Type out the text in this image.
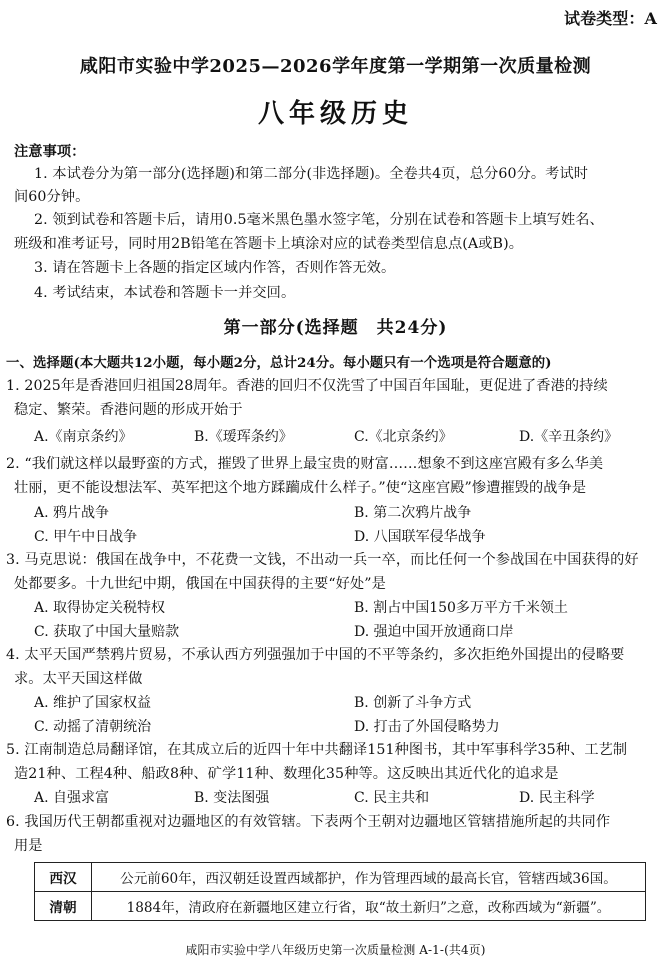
试卷类型：A
咸阳市实验中学2025—2026学年度第一学期第一次质量检测
八年级历史
注意事项：
1. 本试卷分为第一部分(选择题)和第二部分(非选择题)。全卷共4页，总分60分。考试时
间60分钟。
2. 领到试卷和答题卡后，请用0.5毫米黑色墨水签字笔，分别在试卷和答题卡上填写姓名、
班级和准考证号，同时用2B铅笔在答题卡上填涂对应的试卷类型信息点(A或B)。
3. 请在答题卡上各题的指定区域内作答，否则作答无效。
4. 考试结束，本试卷和答题卡一并交回。
第一部分(选择题　共24分)
一、选择题(本大题共12小题，每小题2分，总计24分。每小题只有一个选项是符合题意的)
1. 2025年是香港回归祖国28周年。香港的回归不仅洗雪了中国百年国耻，更促进了香港的持续
稳定、繁荣。香港问题的形成开始于
A.《南京条约》	B.《瑷珲条约》	C.《北京条约》	D.《辛丑条约》
2. “我们就这样以最野蛮的方式，摧毁了世界上最宝贵的财富……想象不到这座宫殿有多么华美
壮丽，更不能设想法军、英军把这个地方蹂躏成什么样子。”使“这座宫殿”惨遭摧毁的战争是
A. 鸦片战争	B. 第二次鸦片战争
C. 甲午中日战争	D. 八国联军侵华战争
3. 马克思说：俄国在战争中，不花费一文钱，不出动一兵一卒，而比任何一个参战国在中国获得的好
处都要多。十九世纪中期，俄国在中国获得的主要“好处”是
A. 取得协定关税特权	B. 割占中国150多万平方千米领土
C. 获取了中国大量赔款	D. 强迫中国开放通商口岸
4. 太平天国严禁鸦片贸易，不承认西方列强强加于中国的不平等条约，多次拒绝外国提出的侵略要
求。太平天国这样做
A. 维护了国家权益	B. 创新了斗争方式
C. 动摇了清朝统治	D. 打击了外国侵略势力
5. 江南制造总局翻译馆，在其成立后的近四十年中共翻译151种图书，其中军事科学35种、工艺制
造21种、工程4种、船政8种、矿学11种、数理化35种等。这反映出其近代化的追求是
A. 自强求富	B. 变法图强	C. 民主共和	D. 民主科学
6. 我国历代王朝都重视对边疆地区的有效管辖。下表两个王朝对边疆地区管辖措施所起的共同作
用是
西汉	公元前60年，西汉朝廷设置西域都护，作为管理西域的最高长官，管辖西域36国。
清朝	1884年，清政府在新疆地区建立行省，取“故土新归”之意，改称西域为“新疆”。
咸阳市实验中学八年级历史第一次质量检测 A-1-(共4页)
